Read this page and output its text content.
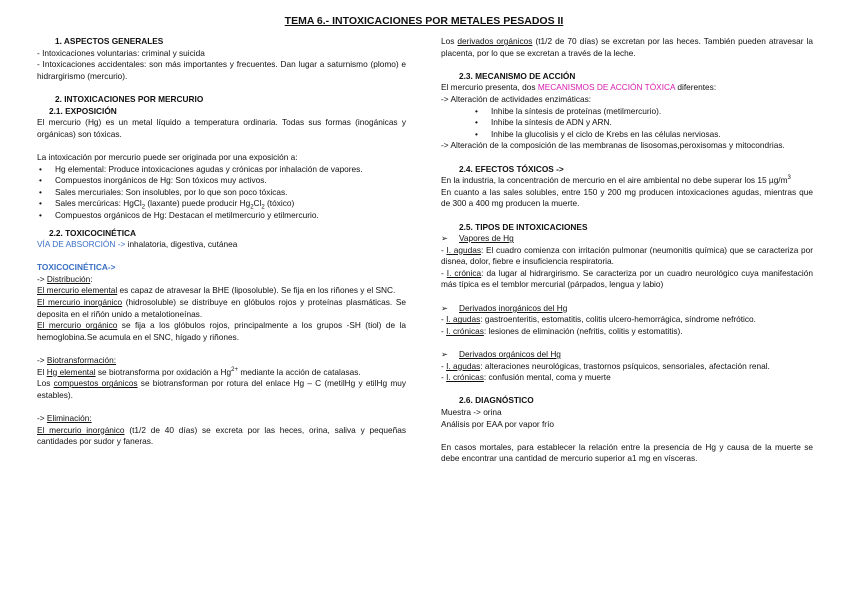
TEMA 6.- INTOXICACIONES POR METALES PESADOS II

1. ASPECTOS GENERALES

- Intoxicaciones voluntarias: criminal y suicida

- Intoxicaciones accidentales: son más importantes y frecuentes. Dan lugar a saturnismo (plomo) e hidrargirismo (mercurio).

2. INTOXICACIONES POR MERCURIO

2.1. EXPOSICIÓN

El mercurio (Hg) es un metal líquido a temperatura ordinaria. Todas sus formas (inogánicas y orgánicas) son tóxicas.

La intoxicación por mercurio puede ser originada por una exposición a:

• Hg elemental: Produce intoxicaciones agudas y crónicas por inhalación de vapores.
• Compuestos inorgánicos de Hg: Son tóxicos muy activos.
• Sales mercuriales: Son insolubles, por lo que son poco tóxicas.
• Sales mercúricas: HgCl$_2$ (laxante) puede producir $Hg_2Cl_2$ (tóxico)
• Compuestos orgánicos de Hg: Destacan el metilmercurio y etilmercurio.

2.2. TOXICOCINÉTICA

VÍA DE ABSORCIÓN -> inhalatoria, digestiva, cutánea

TOXICOCINÉTICA->

-> Distribución:

El mercurio elemental es capaz de atravesar la BHE (liposoluble). Se fija en los riñones y el SNC.

El mercurio inorgánico (hidrosoluble) se distribuye en glóbulos rojos y proteínas plasmáticas. Se deposita en el riñón unido a metalotioneínas.

El mercurio orgánico se fija a los glóbulos rojos, principalmente a los grupos -SH (tiol) de la hemoglobina.Se acumula en el SNC, hígado y riñones.

-> Biotransformación:

El Hg elemental se biotransforma por oxidación a $Hg^{2+}$ mediante la acción de catalasas.

Los compuestos orgánicos se biotransforman por rotura del enlace Hg – C (metilHg y etilHg muy estables).

-> Eliminación:

El mercurio inorgánico (t1/2 de 40 días) se excreta por las heces, orina, saliva y pequeñas cantidades por sudor y faneras.

Los derivados orgánicos (t1/2 de 70 días) se excretan por las heces. También pueden atravesar la placenta, por lo que se excretan a través de la leche.

2.3. MECANISMO DE ACCIÓN

El mercurio presenta, dos MECANISMOS DE ACCIÓN TÓXICA diferentes:

-> Alteración de actividades enzimáticas:

• Inhibe la síntesis de proteínas (metilmercurio).
• Inhibe la síntesis de ADN y ARN.
• Inhibe la glucolisis y el ciclo de Krebs en las células nerviosas.

-> Alteración de la composición de las membranas de lisosomas,peroxisomas y mitocondrias.

2.4. EFECTOS TÓXICOS ->

En la industria, la concentración de mercurio en el aire ambiental no debe superar los 15 $\mu g/m^3$

En cuanto a las sales solubles, entre 150 y 200 mg producen intoxicaciones agudas, mientras que de 300 a 400 mg producen la muerte.

2.5. TIPOS DE INTOXICACIONES

➢ Vapores de Hg

- I. agudas: El cuadro comienza con irritación pulmonar (neumonitis química) que se caracteriza por disnea, dolor, fiebre e insuficiencia respiratoria.

- I. crónica: da lugar al hidrargirismo. Se caracteriza por un cuadro neurológico cuya manifestación más típica es el temblor mercurial (párpados, lengua y labio)

➢ Derivados inorgánicos del Hg

- I. agudas: gastroenteritis, estomatitis, colitis ulcero-hemorrágica, síndrome nefrótico.

- I. crónicas: lesiones de eliminación (nefritis, colitis y estomatitis).

➢ Derivados orgánicos del Hg

- I. agudas: alteraciones neurológicas, trastornos psíquicos, sensoriales, afectación renal.

- I. crónicas: confusión mental, coma y muerte

2.6. DIAGNÓSTICO

Muestra -> orina

Análisis por EAA por vapor frío

En casos mortales, para establecer la relación entre la presencia de Hg y causa de la muerte se debe encontrar una cantidad de mercurio superior a1 mg en vísceras.
